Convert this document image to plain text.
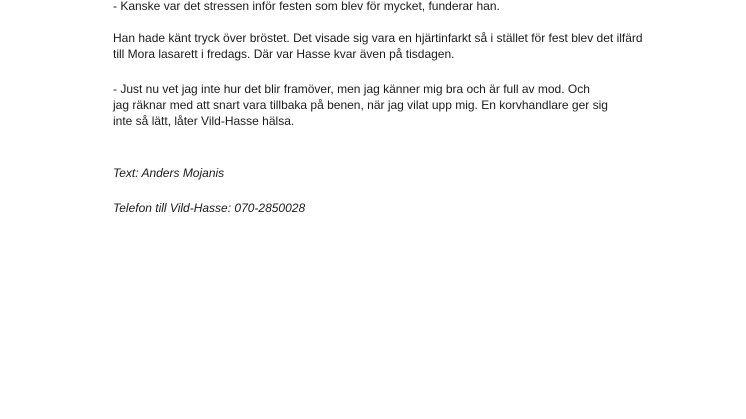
- Kanske var det stressen inför festen som blev för mycket, funderar han.
Han hade känt tryck över bröstet. Det visade sig vara en hjärtinfarkt så i stället för fest blev det ilfärd
till Mora lasarett i fredags. Där var Hasse kvar även på tisdagen.
- Just nu vet jag inte hur det blir framöver, men jag känner mig bra och är full av mod. Och
jag räknar med att snart vara tillbaka på benen, när jag vilat upp mig. En korvhandlare ger sig
inte så lätt, låter Vild-Hasse hälsa.
Text: Anders Mojanis
Telefon till Vild-Hasse: 070-2850028
